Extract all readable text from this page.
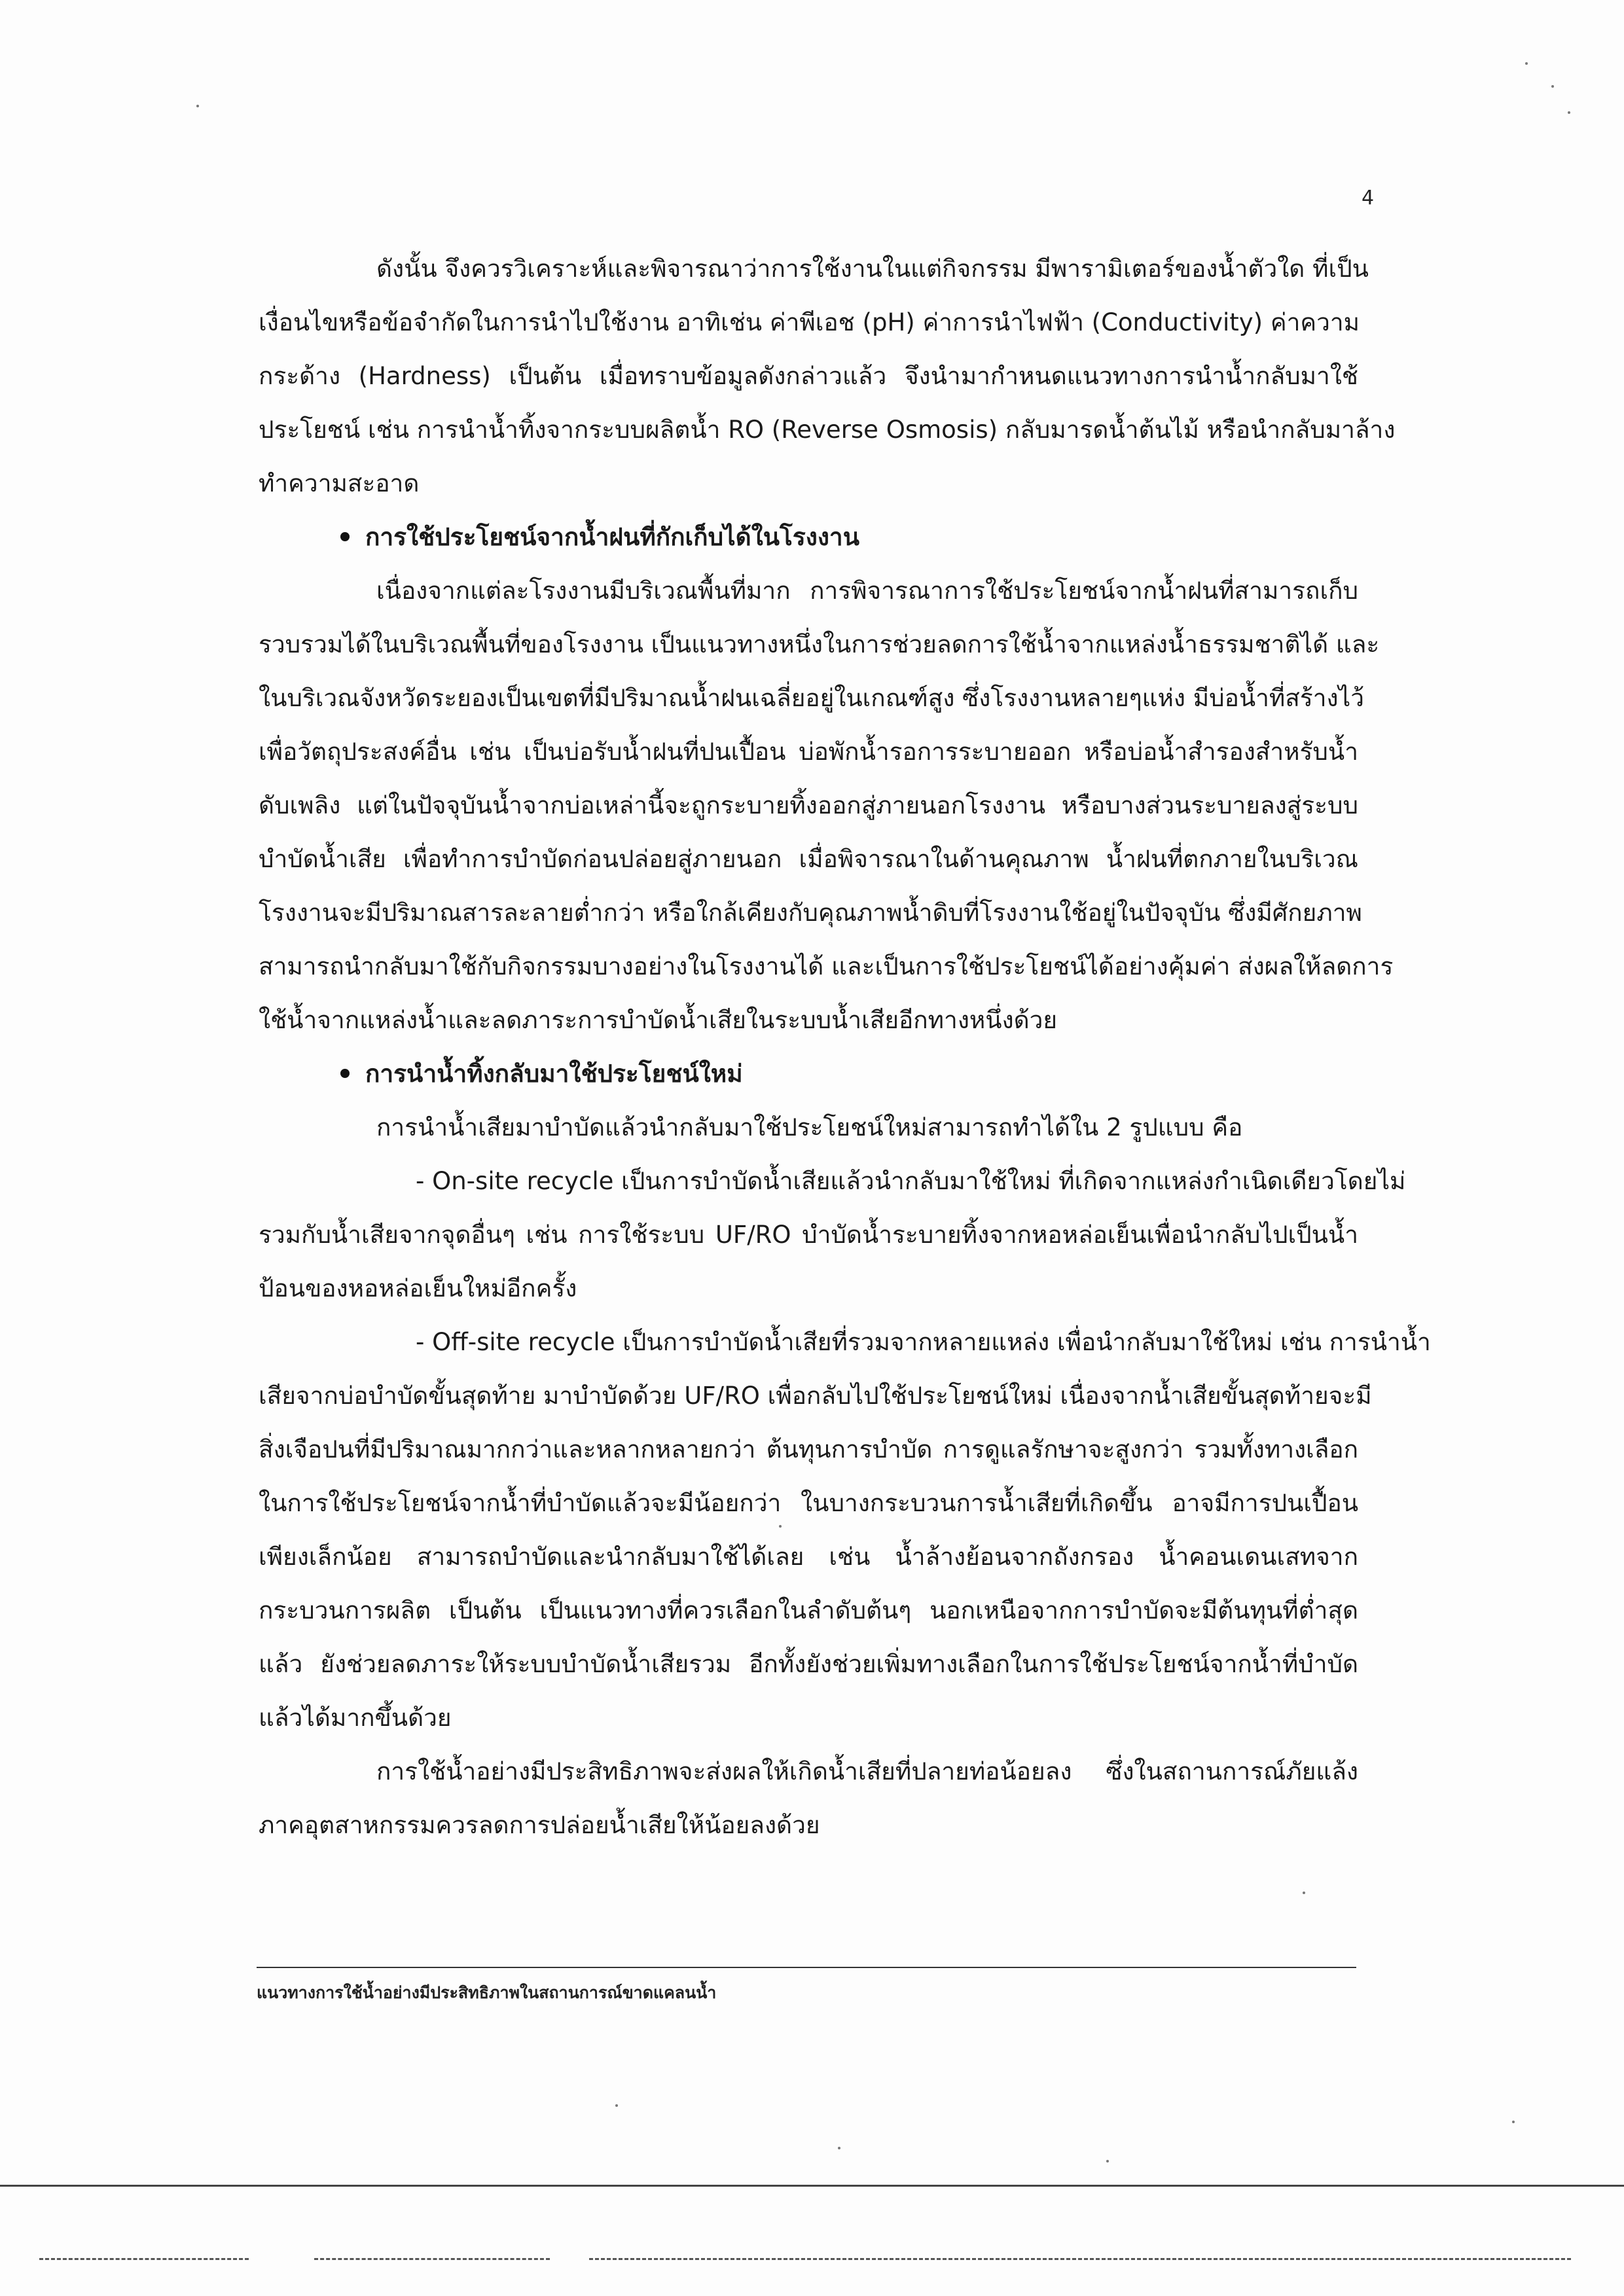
4
ดังนั้น จึงควรวิเคราะห์และพิจารณาว่าการใช้งานในแต่กิจกรรม มีพารามิเตอร์ของน้ำตัวใด ที่เป็น
เงื่อนไขหรือข้อจำกัดในการนำไปใช้งาน อาทิเช่น ค่าพีเอช (pH) ค่าการนำไฟฟ้า (Conductivity) ค่าความ
กระด้าง (Hardness) เป็นต้น เมื่อทราบข้อมูลดังกล่าวแล้ว จึงนำมากำหนดแนวทางการนำน้ำกลับมาใช้
ประโยชน์ เช่น การนำน้ำทิ้งจากระบบผลิตน้ำ RO (Reverse Osmosis) กลับมารดน้ำต้นไม้ หรือนำกลับมาล้าง
ทำความสะอาด
การใช้ประโยชน์จากน้ำฝนที่กักเก็บได้ในโรงงาน
เนื่องจากแต่ละโรงงานมีบริเวณพื้นที่มาก การพิจารณาการใช้ประโยชน์จากน้ำฝนที่สามารถเก็บ
รวบรวมได้ในบริเวณพื้นที่ของโรงงาน เป็นแนวทางหนึ่งในการช่วยลดการใช้น้ำจากแหล่งน้ำธรรมชาติได้ และ
ในบริเวณจังหวัดระยองเป็นเขตที่มีปริมาณน้ำฝนเฉลี่ยอยู่ในเกณฑ์สูง ซึ่งโรงงานหลายๆแห่ง มีบ่อน้ำที่สร้างไว้
เพื่อวัตถุประสงค์อื่น เช่น เป็นบ่อรับน้ำฝนที่ปนเปื้อน บ่อพักน้ำรอการระบายออก หรือบ่อน้ำสำรองสำหรับน้ำ
ดับเพลิง แต่ในปัจจุบันน้ำจากบ่อเหล่านี้จะถูกระบายทิ้งออกสู่ภายนอกโรงงาน หรือบางส่วนระบายลงสู่ระบบ
บำบัดน้ำเสีย เพื่อทำการบำบัดก่อนปล่อยสู่ภายนอก เมื่อพิจารณาในด้านคุณภาพ น้ำฝนที่ตกภายในบริเวณ
โรงงานจะมีปริมาณสารละลายต่ำกว่า หรือใกล้เคียงกับคุณภาพน้ำดิบที่โรงงานใช้อยู่ในปัจจุบัน ซึ่งมีศักยภาพ
สามารถนำกลับมาใช้กับกิจกรรมบางอย่างในโรงงานได้ และเป็นการใช้ประโยชน์ได้อย่างคุ้มค่า ส่งผลให้ลดการ
ใช้น้ำจากแหล่งน้ำและลดภาระการบำบัดน้ำเสียในระบบน้ำเสียอีกทางหนึ่งด้วย
การนำน้ำทิ้งกลับมาใช้ประโยชน์ใหม่
การนำน้ำเสียมาบำบัดแล้วนำกลับมาใช้ประโยชน์ใหม่สามารถทำได้ใน 2 รูปแบบ คือ
- On-site recycle เป็นการบำบัดน้ำเสียแล้วนำกลับมาใช้ใหม่ ที่เกิดจากแหล่งกำเนิดเดียวโดยไม่
รวมกับน้ำเสียจากจุดอื่นๆ เช่น การใช้ระบบ UF/RO บำบัดน้ำระบายทิ้งจากหอหล่อเย็นเพื่อนำกลับไปเป็นน้ำ
ป้อนของหอหล่อเย็นใหม่อีกครั้ง
- Off-site recycle เป็นการบำบัดน้ำเสียที่รวมจากหลายแหล่ง เพื่อนำกลับมาใช้ใหม่ เช่น การนำน้ำ
เสียจากบ่อบำบัดขั้นสุดท้าย มาบำบัดด้วย UF/RO เพื่อกลับไปใช้ประโยชน์ใหม่ เนื่องจากน้ำเสียขั้นสุดท้ายจะมี
สิ่งเจือปนที่มีปริมาณมากกว่าและหลากหลายกว่า ต้นทุนการบำบัด การดูแลรักษาจะสูงกว่า รวมทั้งทางเลือก
ในการใช้ประโยชน์จากน้ำที่บำบัดแล้วจะมีน้อยกว่า ในบางกระบวนการน้ำเสียที่เกิดขึ้น อาจมีการปนเปื้อน
เพียงเล็กน้อย สามารถบำบัดและนำกลับมาใช้ได้เลย เช่น น้ำล้างย้อนจากถังกรอง น้ำคอนเดนเสทจาก
กระบวนการผลิต เป็นต้น เป็นแนวทางที่ควรเลือกในลำดับต้นๆ นอกเหนือจากการบำบัดจะมีต้นทุนที่ต่ำสุด
แล้ว ยังช่วยลดภาระให้ระบบบำบัดน้ำเสียรวม อีกทั้งยังช่วยเพิ่มทางเลือกในการใช้ประโยชน์จากน้ำที่บำบัด
แล้วได้มากขึ้นด้วย
การใช้น้ำอย่างมีประสิทธิภาพจะส่งผลให้เกิดน้ำเสียที่ปลายท่อน้อยลง ซึ่งในสถานการณ์ภัยแล้ง
ภาคอุตสาหกรรมควรลดการปล่อยน้ำเสียให้น้อยลงด้วย
แนวทางการใช้น้ำอย่างมีประสิทธิภาพในสถานการณ์ขาดแคลนน้ำ
